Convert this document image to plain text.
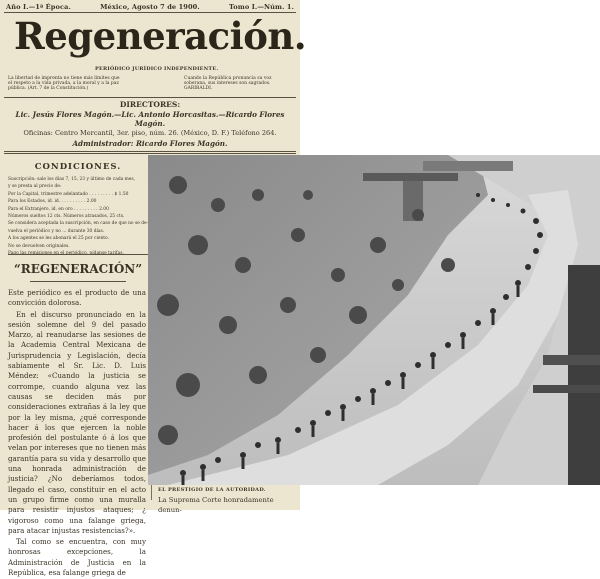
Año I.—1ª Época.	México, Agosto 7 de 1900.	Tomo I.—Núm. 1.
Regeneración.
PERIÓDICO JURÍDICO INDEPENDIENTE.
La libertad de imprenta no tiene más límites que el respeto a la vida privada, a la moral y a la paz pública. (Art. 7 de la Constitución.)
Cuando la República pronuncia su voz soberana, sus intereses son sagrados. GARIBALDI.
DIRECTORES:
Lic. Jesús Flores Magón.—Lic. Antonio Horcasitas.—Ricardo Flores Magón.
Oficinas: Centro Mercantil, 3er. piso, núm. 26. (México, D. F.) Teléfono 264.
Administrador: Ricardo Flores Magón.
CONDICIONES.
Suscripción: sale los días 7, 15, 23 y último de cada mes,
y se presta al precio de:
Por la Capital, trimestre adelantado . . . . . . . . . $ 1.50
Para los Estados, id. id. . . . . . . . . . 2.00
Para el Extranjero, id. en oro . . . . . . . . . 2.00
Números sueltos 12 cts. Números atrasados, 25 cts.
Se considera aceptada la suscripción, en caso de que no se de-
vuelva el periódico y no ... durante 30 días.
A los agentes se les abonará el 25 por ciento.
No se devuelven originales.
“REGENERACIÓN”

Este periódico es el producto de una convicción dolorosa.

En el discurso pronunciado en la sesión solemne del 9 del pasado Marzo, al reanudarse las sesiones de la Academia Central Mexicana de Jurisprudencia y Legislación, decía sabiamente el Sr. Lic. D. Luis Méndez: «Cuando la justicia se corrompe, cuando alguna vez las causas se deciden más por consideraciones extrañas á la ley que por la ley misma, ¿qué corresponde hacer á los que ejercen la noble profesión del postulante ó á los que velan por intereses que no tienen más garantía para su vida y desarrollo que una honrada administración de justicia? ¿No deberíamos todos, llegado el caso, constituir en el acto un grupo firme como una muralla para resistir injustos ataques; ¿ vigoroso como una falange griega, para atacar injustas resistencias?».

Tal como se encuentra, con muy honrosas excepciones, la Administración de Justicia en la República, esa falange griega de

EL PRESTIGIO DE LA AUTORIDAD.
La Suprema Corte honradamente denun-
